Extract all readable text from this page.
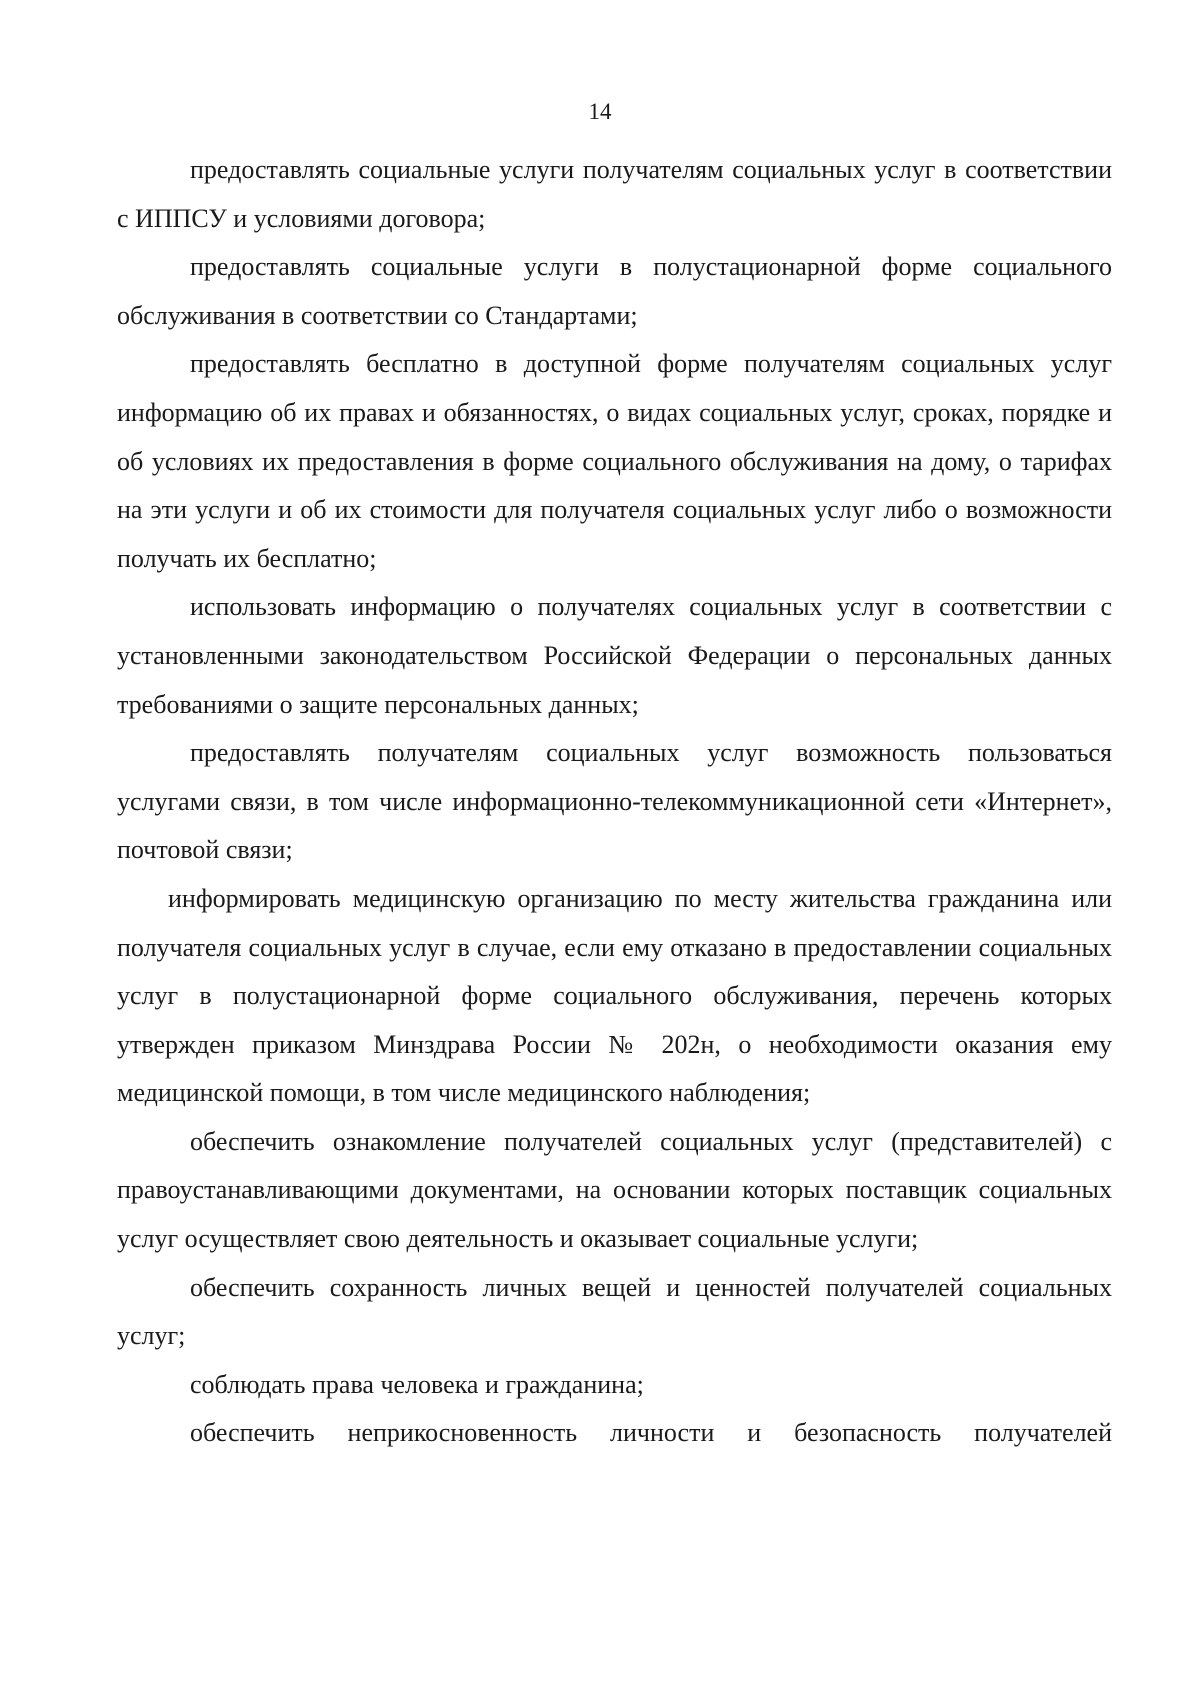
14

предоставлять социальные услуги получателям социальных услуг в соответствии с ИППСУ и условиями договора;

предоставлять социальные услуги в полустационарной форме социального обслуживания в соответствии со Стандартами;

предоставлять бесплатно в доступной форме получателям социальных услуг информацию об их правах и обязанностях, о видах социальных услуг, сроках, порядке и об условиях их предоставления в форме социального обслуживания на дому, о тарифах на эти услуги и об их стоимости для получателя социальных услуг либо о возможности получать их бесплатно;

использовать информацию о получателях социальных услуг в соответствии с установленными законодательством Российской Федерации о персональных данных требованиями о защите персональных данных;

предоставлять получателям социальных услуг возможность пользоваться услугами связи, в том числе информационно-телекоммуникационной сети «Интернет», почтовой связи;

информировать медицинскую организацию по месту жительства гражданина или получателя социальных услуг в случае, если ему отказано в предоставлении социальных услуг в полустационарной форме социального обслуживания, перечень которых утвержден приказом Минздрава России № 202н, о необходимости оказания ему медицинской помощи, в том числе медицинского наблюдения;

обеспечить ознакомление получателей социальных услуг (представителей) с правоустанавливающими документами, на основании которых поставщик социальных услуг осуществляет свою деятельность и оказывает социальные услуги;

обеспечить сохранность личных вещей и ценностей получателей социальных услуг;

соблюдать права человека и гражданина;

обеспечить неприкосновенность личности и безопасность получателей
